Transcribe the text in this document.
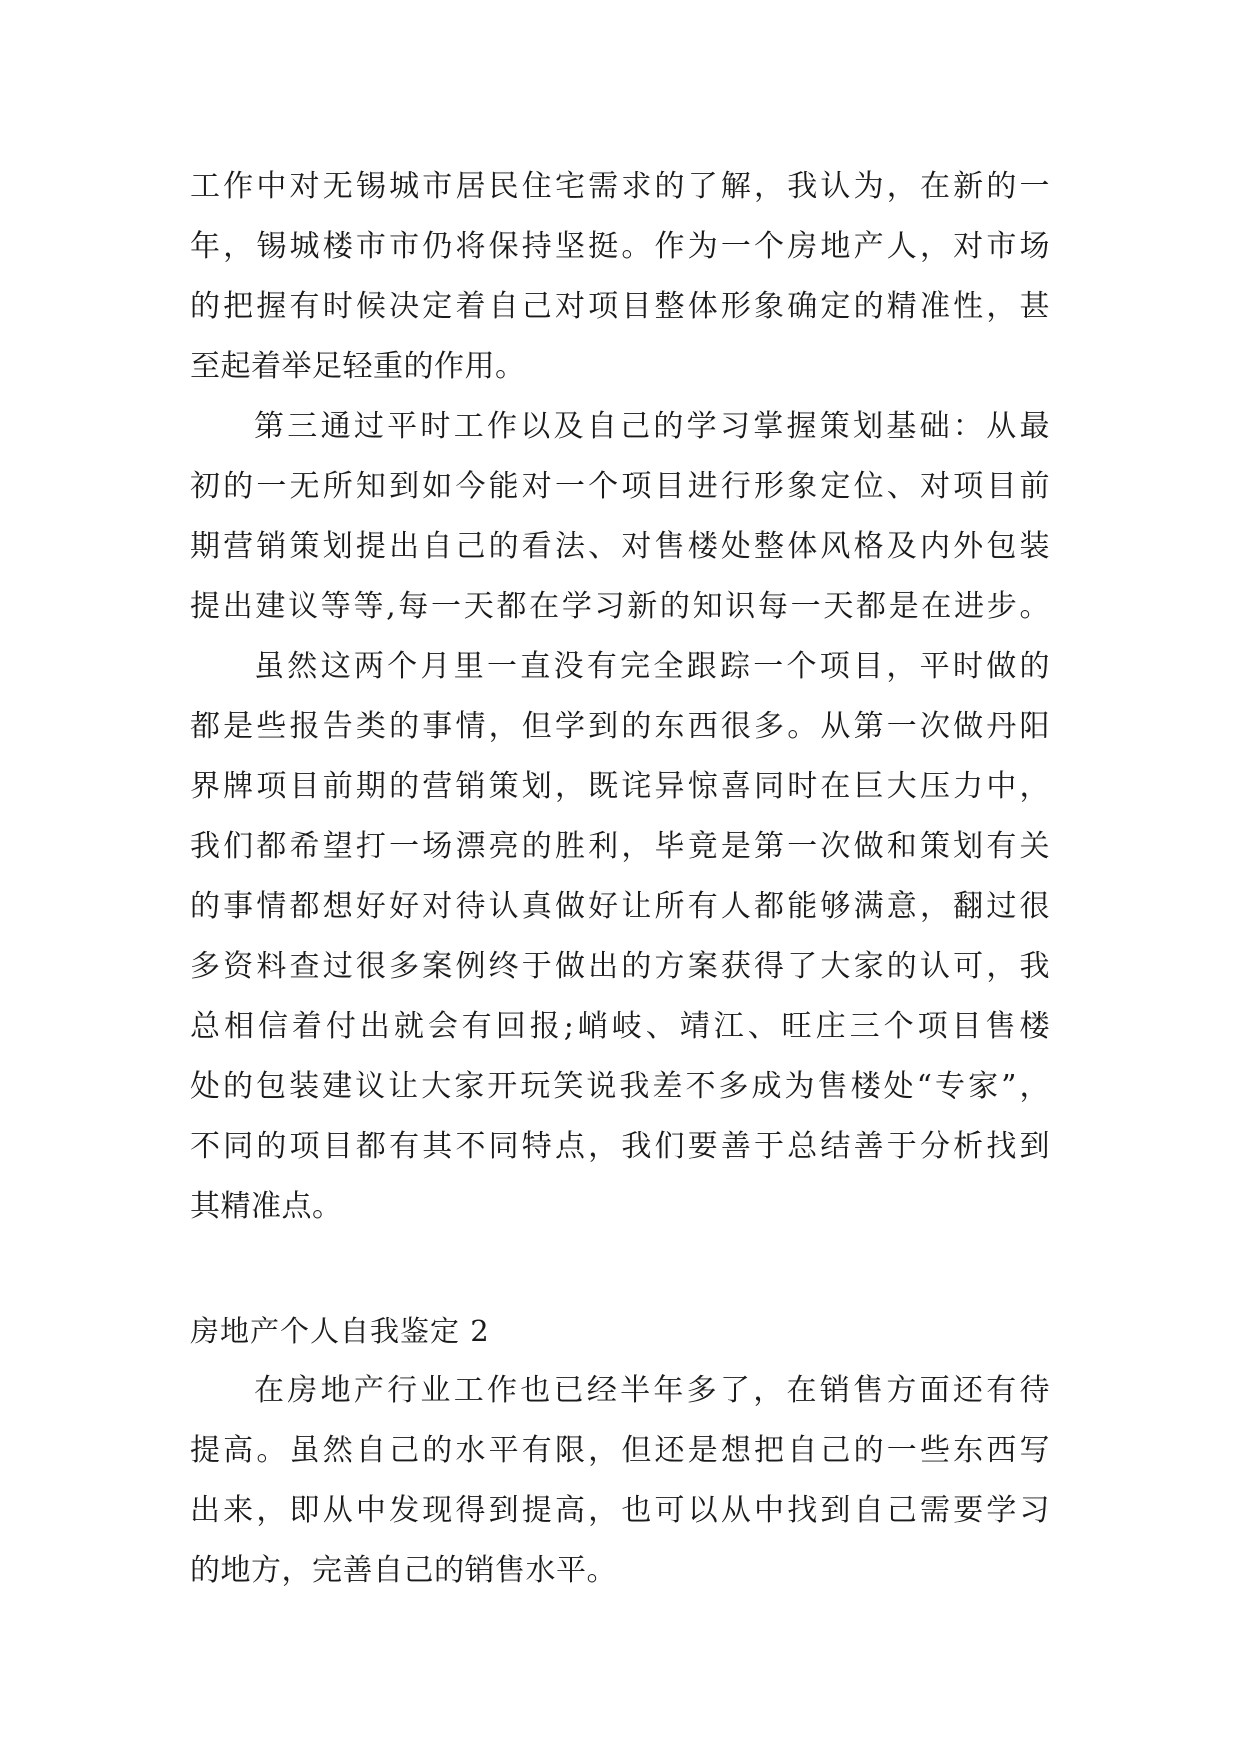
工作中对无锡城市居民住宅需求的了解，我认为，在新的一
年，锡城楼市市仍将保持坚挺。作为一个房地产人，对市场
的把握有时候决定着自己对项目整体形象确定的精准性，甚
至起着举足轻重的作用。
第三通过平时工作以及自己的学习掌握策划基础：从最
初的一无所知到如今能对一个项目进行形象定位、对项目前
期营销策划提出自己的看法、对售楼处整体风格及内外包装
提出建议等等,每一天都在学习新的知识每一天都是在进步。
虽然这两个月里一直没有完全跟踪一个项目，平时做的
都是些报告类的事情，但学到的东西很多。从第一次做丹阳
界牌项目前期的营销策划，既诧异惊喜同时在巨大压力中，
我们都希望打一场漂亮的胜利，毕竟是第一次做和策划有关
的事情都想好好对待认真做好让所有人都能够满意，翻过很
多资料查过很多案例终于做出的方案获得了大家的认可，我
总相信着付出就会有回报;峭岐、靖江、旺庄三个项目售楼
处的包装建议让大家开玩笑说我差不多成为售楼处“专家”，
不同的项目都有其不同特点，我们要善于总结善于分析找到
其精准点。
房地产个人自我鉴定 2
在房地产行业工作也已经半年多了，在销售方面还有待
提高。虽然自己的水平有限，但还是想把自己的一些东西写
出来，即从中发现得到提高，也可以从中找到自己需要学习
的地方，完善自己的销售水平。
